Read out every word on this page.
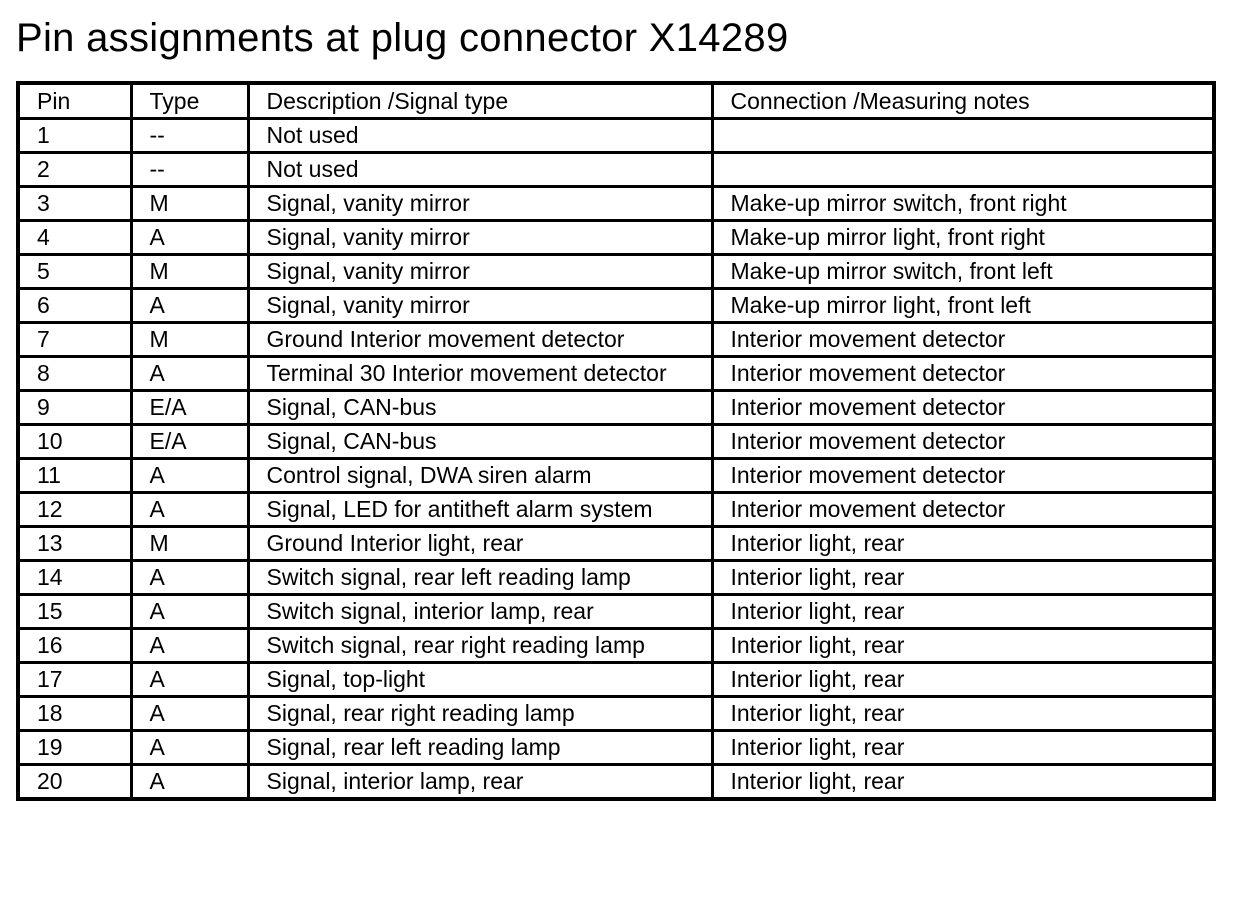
Pin assignments at plug connector X14289
Pin	Type	Description /Signal type	Connection /Measuring notes
1	--	Not used	
2	--	Not used	
3	M	Signal, vanity mirror	Make-up mirror switch, front right
4	A	Signal, vanity mirror	Make-up mirror light, front right
5	M	Signal, vanity mirror	Make-up mirror switch, front left
6	A	Signal, vanity mirror	Make-up mirror light, front left
7	M	Ground Interior movement detector	Interior movement detector
8	A	Terminal 30 Interior movement detector	Interior movement detector
9	E/A	Signal, CAN-bus	Interior movement detector
10	E/A	Signal, CAN-bus	Interior movement detector
11	A	Control signal, DWA siren alarm	Interior movement detector
12	A	Signal, LED for antitheft alarm system	Interior movement detector
13	M	Ground Interior light, rear	Interior light, rear
14	A	Switch signal, rear left reading lamp	Interior light, rear
15	A	Switch signal, interior lamp, rear	Interior light, rear
16	A	Switch signal, rear right reading lamp	Interior light, rear
17	A	Signal, top-light	Interior light, rear
18	A	Signal, rear right reading lamp	Interior light, rear
19	A	Signal, rear left reading lamp	Interior light, rear
20	A	Signal, interior lamp, rear	Interior light, rear
